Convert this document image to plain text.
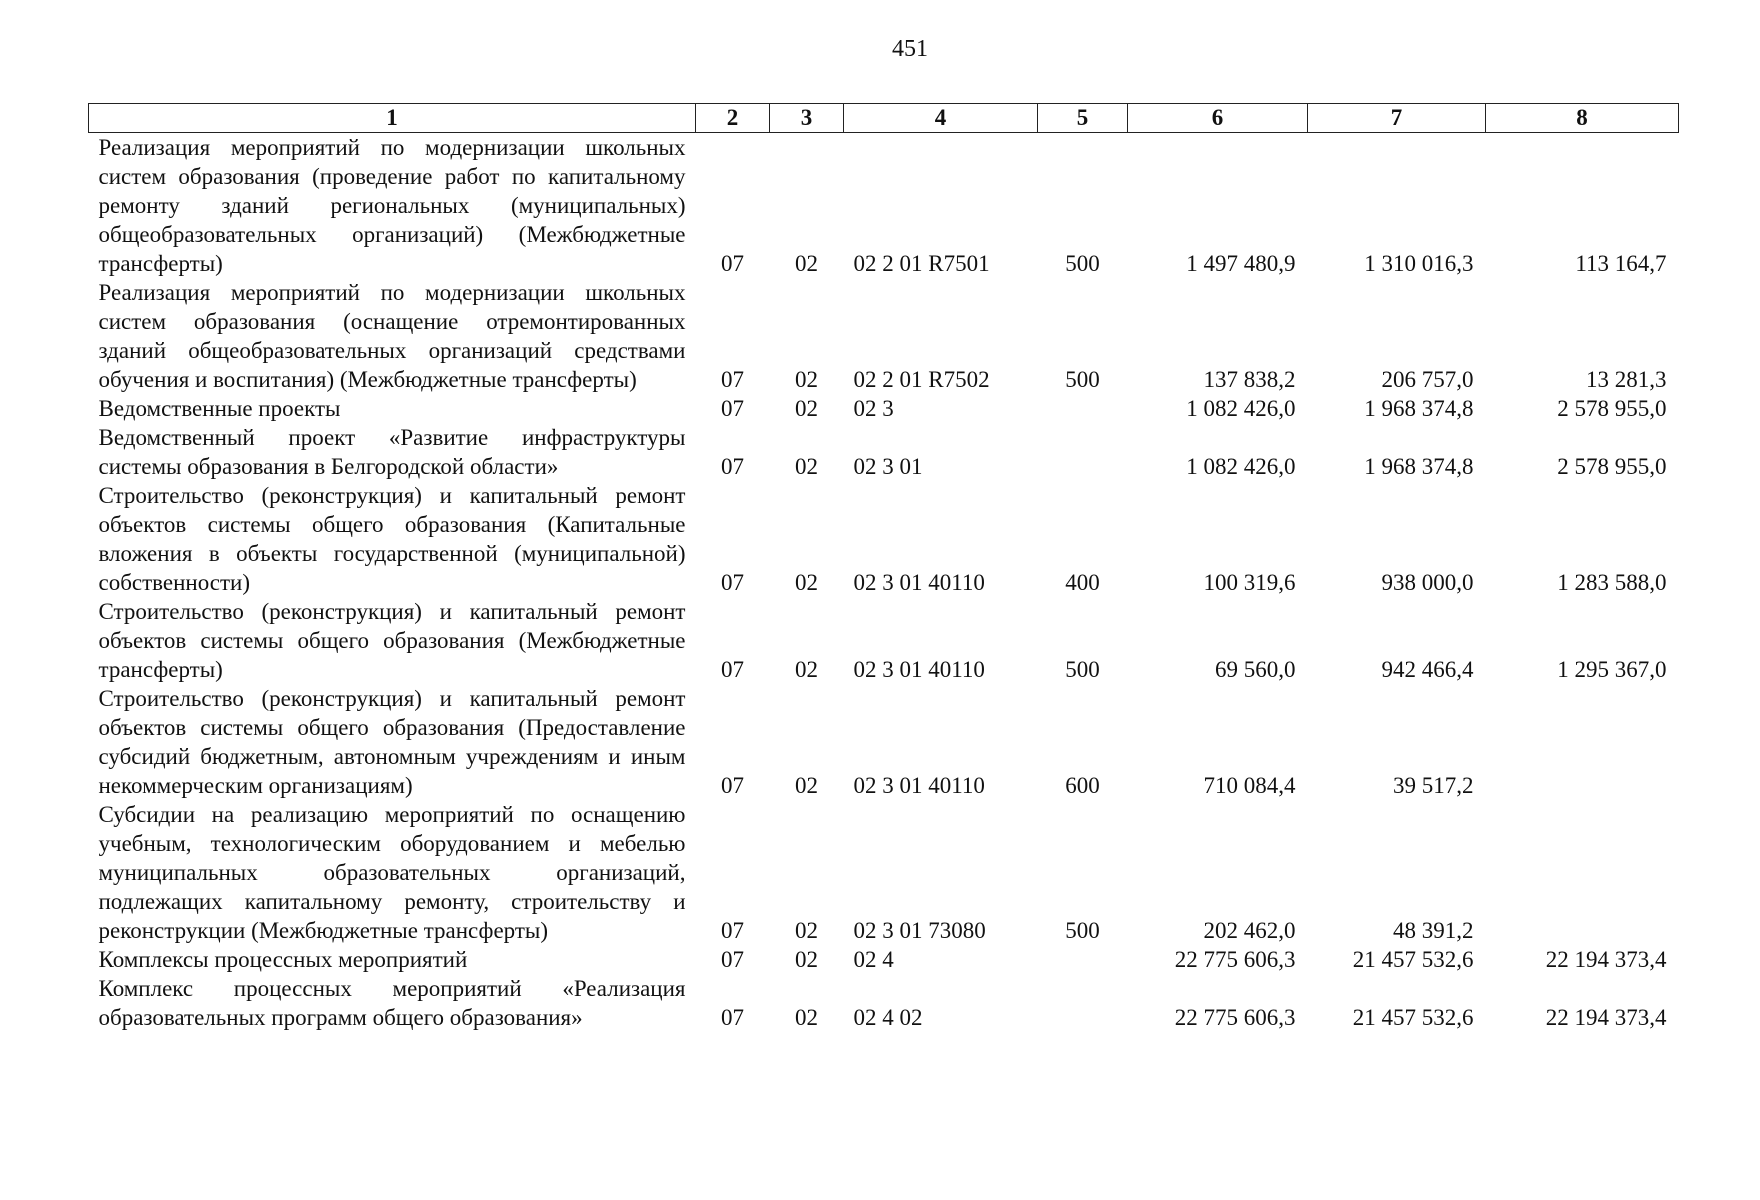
451
1	2	3	4	5	6	7	8
Реализация мероприятий по модернизации школьных систем образования (проведение работ по капитальному ремонту зданий региональных (муниципальных) общеобразовательных организаций) (Межбюджетные трансферты)	07	02	02 2 01 R7501	500	1 497 480,9	1 310 016,3	113 164,7
Реализация мероприятий по модернизации школьных систем образования (оснащение отремонтированных зданий общеобразовательных организаций средствами обучения и воспитания) (Межбюджетные трансферты)	07	02	02 2 01 R7502	500	137 838,2	206 757,0	13 281,3
Ведомственные проекты	07	02	02 3		1 082 426,0	1 968 374,8	2 578 955,0
Ведомственный проект «Развитие инфраструктуры системы образования в Белгородской области»	07	02	02 3 01		1 082 426,0	1 968 374,8	2 578 955,0
Строительство (реконструкция) и капитальный ремонт объектов системы общего образования (Капитальные вложения в объекты государственной (муниципальной) собственности)	07	02	02 3 01 40110	400	100 319,6	938 000,0	1 283 588,0
Строительство (реконструкция) и капитальный ремонт объектов системы общего образования (Межбюджетные трансферты)	07	02	02 3 01 40110	500	69 560,0	942 466,4	1 295 367,0
Строительство (реконструкция) и капитальный ремонт объектов системы общего образования (Предоставление субсидий бюджетным, автономным учреждениям и иным некоммерческим организациям)	07	02	02 3 01 40110	600	710 084,4	39 517,2	
Субсидии на реализацию мероприятий по оснащению учебным, технологическим оборудованием и мебелью муниципальных образовательных организаций, подлежащих капитальному ремонту, строительству и реконструкции (Межбюджетные трансферты)	07	02	02 3 01 73080	500	202 462,0	48 391,2	
Комплексы процессных мероприятий	07	02	02 4		22 775 606,3	21 457 532,6	22 194 373,4
Комплекс процессных мероприятий «Реализация образовательных программ общего образования»	07	02	02 4 02		22 775 606,3	21 457 532,6	22 194 373,4
